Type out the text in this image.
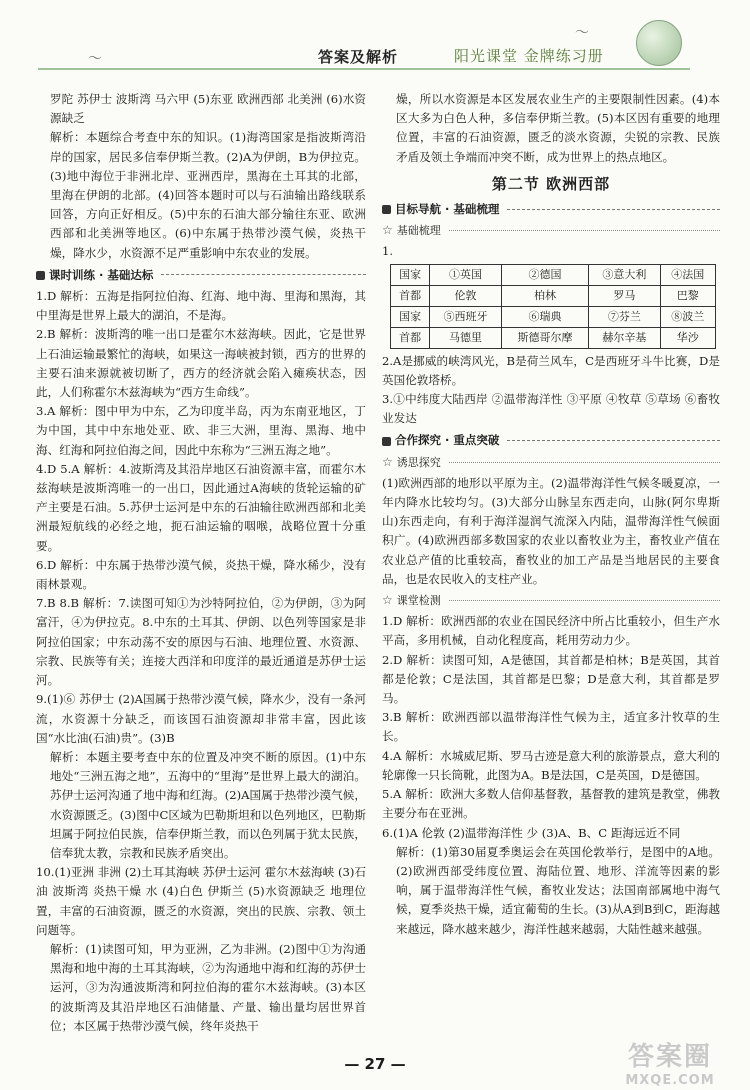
〜
〜
答案及解析	阳光课堂 金牌练习册

罗陀 苏伊士 波斯湾 马六甲 (5)东亚 欧洲西部 北美洲 (6)水资源缺乏

解析：本题综合考查中东的知识。(1)海湾国家是指波斯湾沿岸的国家，居民多信奉伊斯兰教。(2)A为伊朗，B为伊拉克。(3)地中海位于非洲北岸、亚洲西岸，黑海在土耳其的北部，里海在伊朗的北部。(4)回答本题时可以与石油输出路线联系回答，方向正好相反。(5)中东的石油大部分输往东亚、欧洲西部和北美洲等地区。(6)中东属于热带沙漠气候，炎热干燥，降水少，水资源不足严重影响中东农业的发展。

课时训练 · 基础达标

1.D 解析：五海是指阿拉伯海、红海、地中海、里海和黑海，其中里海是世界上最大的湖泊，不是海。

2.B 解析：波斯湾的唯一出口是霍尔木兹海峡。因此，它是世界上石油运输最繁忙的海峡，如果这一海峡被封锁，西方的世界的主要石油来源就被切断了，西方的经济就会陷入瘫痪状态，因此，人们称霍尔木兹海峡为“西方生命线”。

3.A 解析：图中甲为中东，乙为印度半岛，丙为东南亚地区，丁为中国，其中中东地处亚、欧、非三大洲，里海、黑海、地中海、红海和阿拉伯海之间，因此中东称为“三洲五海之地”。

4.D 5.A 解析：4.波斯湾及其沿岸地区石油资源丰富，而霍尔木兹海峡是波斯湾唯一的一出口，因此通过A海峡的货轮运输的矿产主要是石油。5.苏伊士运河是中东的石油输往欧洲西部和北美洲最短航线的必经之地，扼石油运输的咽喉，战略位置十分重要。

6.D 解析：中东属于热带沙漠气候，炎热干燥，降水稀少，没有雨林景观。

7.B 8.B 解析：7.读图可知①为沙特阿拉伯，②为伊朗，③为阿富汗，④为伊拉克。8.中东的土耳其、伊朗、以色列等国家是非阿拉伯国家；中东动荡不安的原因与石油、地理位置、水资源、宗教、民族等有关；连接大西洋和印度洋的最近通道是苏伊士运河。

9.(1)⑥ 苏伊士 (2)A国属于热带沙漠气候，降水少，没有一条河流，水资源十分缺乏，而该国石油资源却非常丰富，因此该国“水比油(石油)贵”。(3)B

解析：本题主要考查中东的位置及冲突不断的原因。(1)中东地处“三洲五海之地”，五海中的“里海”是世界上最大的湖泊。苏伊士运河沟通了地中海和红海。(2)A国属于热带沙漠气候，水资源匮乏。(3)图中C区域为巴勒斯坦和以色列地区，巴勒斯坦属于阿拉伯民族，信奉伊斯兰教，而以色列属于犹太民族，信奉犹太教，宗教和民族矛盾突出。

10.(1)亚洲 非洲 (2)土耳其海峡 苏伊士运河 霍尔木兹海峡 (3)石油 波斯湾 炎热干燥 水 (4)白色 伊斯兰 (5)水资源缺乏 地理位置，丰富的石油资源，匮乏的水资源，突出的民族、宗教、领土问题等。

解析：(1)读图可知，甲为亚洲，乙为非洲。(2)图中①为沟通黑海和地中海的土耳其海峡，②为沟通地中海和红海的苏伊士运河，③为沟通波斯湾和阿拉伯海的霍尔木兹海峡。(3)本区的波斯湾及其沿岸地区石油储量、产量、输出量均居世界首位；本区属于热带沙漠气候，终年炎热干

燥，所以水资源是本区发展农业生产的主要限制性因素。(4)本区大多为白色人种，多信奉伊斯兰教。(5)本区因有重要的地理位置，丰富的石油资源，匮乏的淡水资源，尖锐的宗教、民族矛盾及领土争端而冲突不断，成为世界上的热点地区。

第二节 欧洲西部
目标导航 · 基础梳理
☆ 基础梳理

1.

国家	①英国	②德国	③意大利	④法国
首都	伦敦	柏林	罗马	巴黎
国家	⑤西班牙	⑥瑞典	⑦芬兰	⑧波兰
首都	马德里	斯德哥尔摩	赫尔辛基	华沙

2.A是挪威的峡湾风光，B是荷兰风车，C是西班牙斗牛比赛，D是英国伦敦塔桥。

3.①中纬度大陆西岸 ②温带海洋性 ③平原 ④牧草 ⑤草场 ⑥畜牧业发达

合作探究 · 重点突破
☆ 诱思探究

(1)欧洲西部的地形以平原为主。(2)温带海洋性气候冬暖夏凉，一年内降水比较均匀。(3)大部分山脉呈东西走向，山脉(阿尔卑斯山)东西走向，有利于海洋湿润气流深入内陆，温带海洋性气候面积广。(4)欧洲西部多数国家的农业以畜牧业为主，畜牧业产值在农业总产值的比重较高，畜牧业的加工产品是当地居民的主要食品，也是农民收入的支柱产业。

☆ 课堂检测

1.D 解析：欧洲西部的农业在国民经济中所占比重较小，但生产水平高，多用机械，自动化程度高，耗用劳动力少。

2.D 解析：读图可知，A是德国，其首都是柏林；B是英国，其首都是伦敦；C是法国，其首都是巴黎；D是意大利，其首都是罗马。

3.B 解析：欧洲西部以温带海洋性气候为主，适宜多汁牧草的生长。

4.A 解析：水城威尼斯、罗马古迹是意大利的旅游景点，意大利的轮廓像一只长筒靴，此图为A。B是法国，C是英国，D是德国。

5.A 解析：欧洲大多数人信仰基督教，基督教的建筑是教堂，佛教主要分布在亚洲。

6.(1)A 伦敦 (2)温带海洋性 少 (3)A、B、C 距海远近不同

解析：(1)第30届夏季奥运会在英国伦敦举行，是图中的A地。(2)欧洲西部受纬度位置、海陆位置、地形、洋流等因素的影响，属于温带海洋性气候，畜牧业发达；法国南部属地中海气候，夏季炎热干燥，适宜葡萄的生长。(3)从A到B到C，距海越来越远，降水越来越少，海洋性越来越弱，大陆性越来越强。

— 27 —	答案圈
MXQE.COM
